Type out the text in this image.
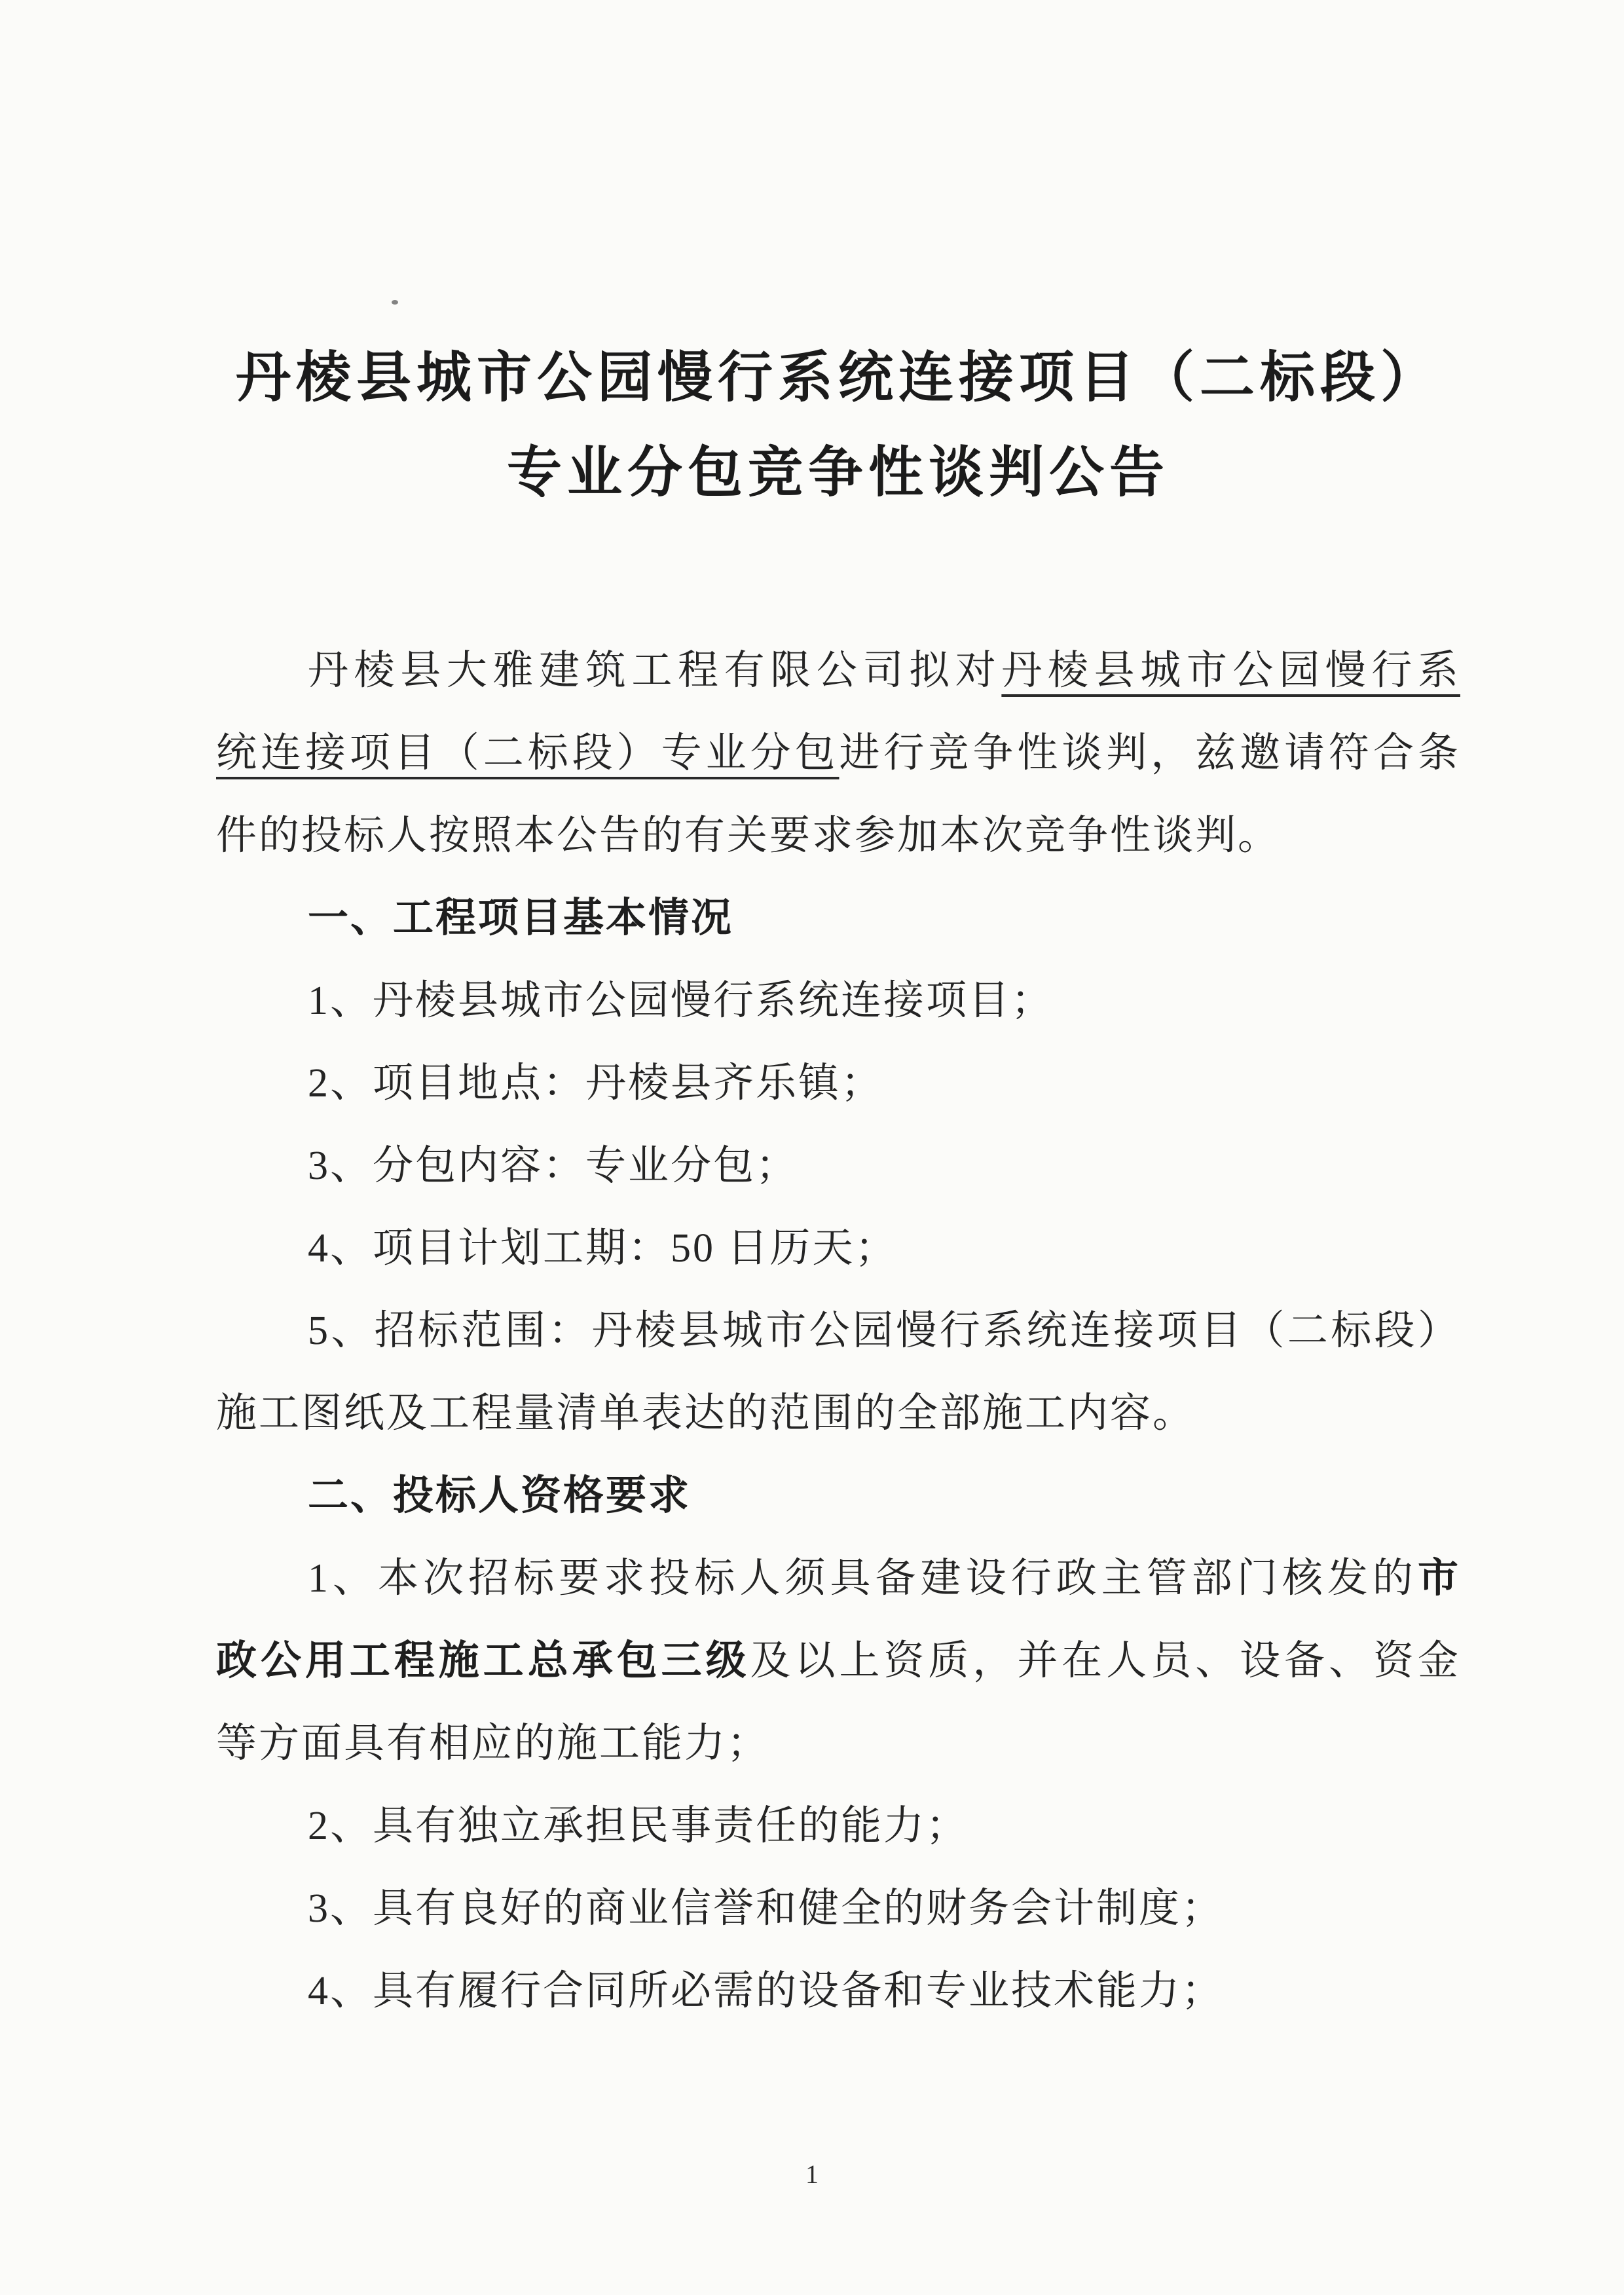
丹棱县城市公园慢行系统连接项目（二标段）
专业分包竞争性谈判公告
丹棱县大雅建筑工程有限公司拟对丹棱县城市公园慢行系
统连接项目（二标段）专业分包进行竞争性谈判，兹邀请符合条
件的投标人按照本公告的有关要求参加本次竞争性谈判。
一、工程项目基本情况
1、丹棱县城市公园慢行系统连接项目；
2、项目地点：丹棱县齐乐镇；
3、分包内容：专业分包；
4、项目计划工期：50 日历天；
5、招标范围：丹棱县城市公园慢行系统连接项目（二标段）
施工图纸及工程量清单表达的范围的全部施工内容。
二、投标人资格要求
1、本次招标要求投标人须具备建设行政主管部门核发的市
政公用工程施工总承包三级及以上资质，并在人员、设备、资金
等方面具有相应的施工能力；
2、具有独立承担民事责任的能力；
3、具有良好的商业信誉和健全的财务会计制度；
4、具有履行合同所必需的设备和专业技术能力；
1
